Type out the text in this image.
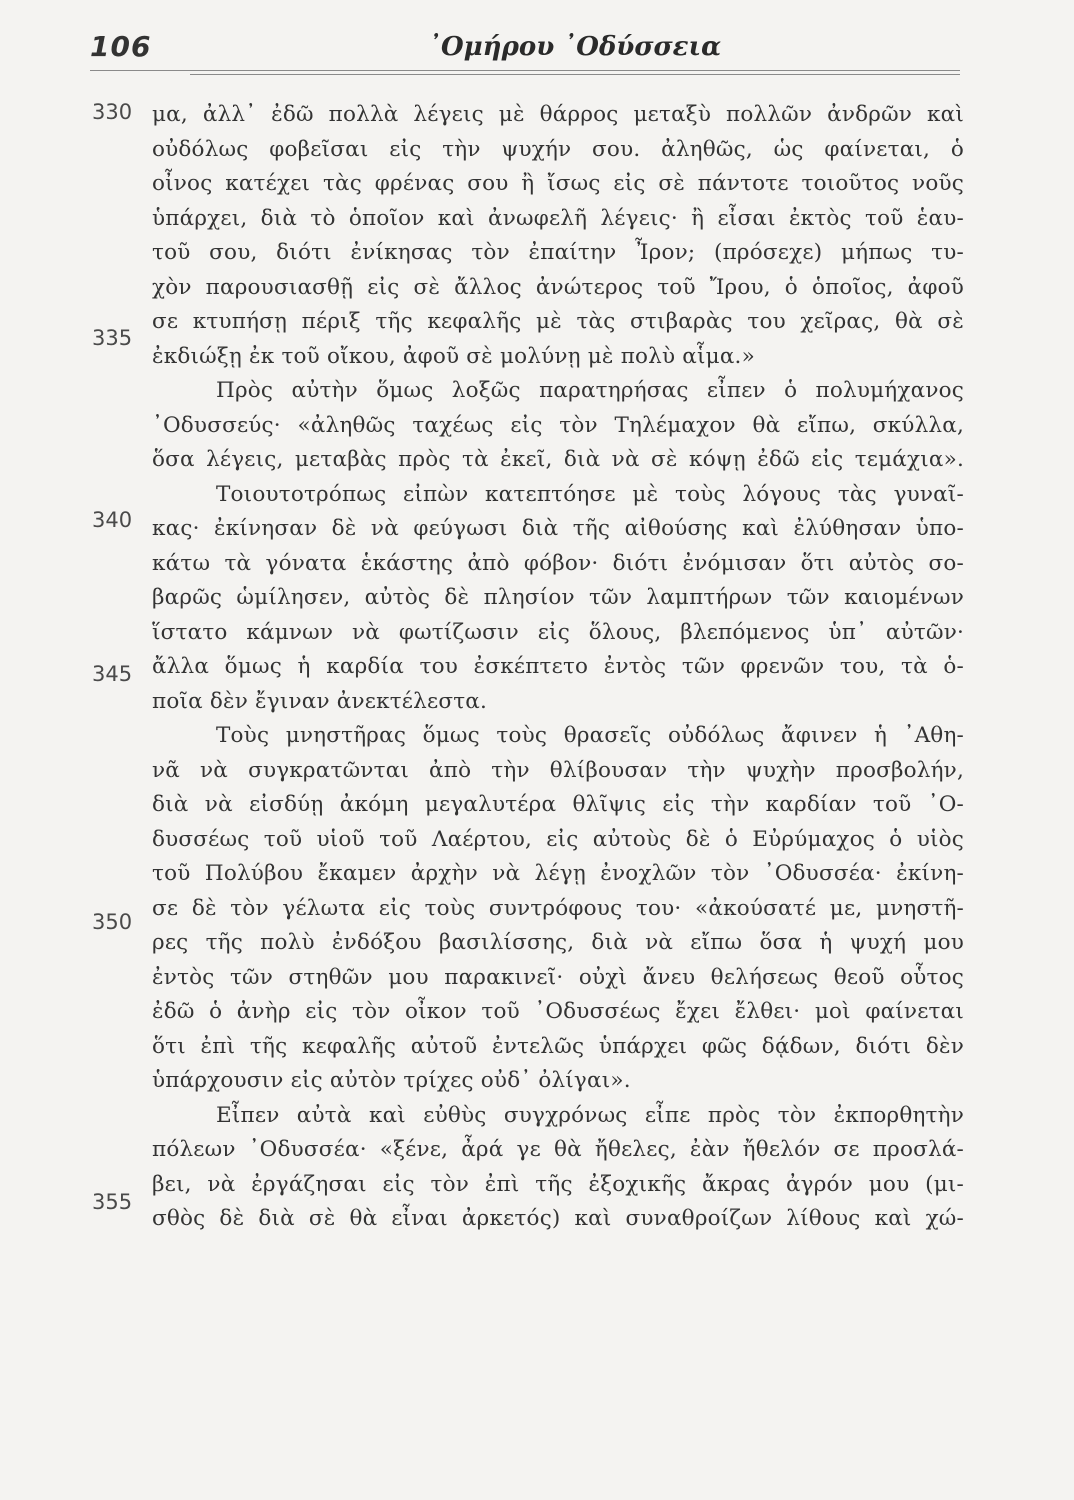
106	᾿Ομήρου ᾿Οδύσσεια
330
335
340
345
350
355
μα, ἀλλ᾿ ἐδῶ πολλὰ λέγεις μὲ θάρρος μεταξὺ πολλῶν ἀνδρῶν καὶ
οὐδόλως φοβεῖσαι εἰς τὴν ψυχήν σου. ἀληθῶς, ὡς φαίνεται, ὁ
οἶνος κατέχει τὰς φρένας σου ἢ ἴσως εἰς σὲ πάντοτε τοιοῦτος νοῦς
ὑπάρχει, διὰ τὸ ὁποῖον καὶ ἀνωφελῆ λέγεις· ἢ εἶσαι ἐκτὸς τοῦ ἑαυ-
τοῦ σου, διότι ἐνίκησας τὸν ἐπαίτην Ἶρον; (πρόσεχε) μήπως τυ-
χὸν παρουσιασθῇ εἰς σὲ ἄλλος ἀνώτερος τοῦ Ἴρου, ὁ ὁποῖος, ἀφοῦ
σε κτυπήσῃ πέριξ τῆς κεφαλῆς μὲ τὰς στιβαρὰς του χεῖρας, θὰ σὲ
ἐκδιώξῃ ἐκ τοῦ οἴκου, ἀφοῦ σὲ μολύνῃ μὲ πολὺ αἷμα.»
Πρὸς αὐτὴν ὅμως λοξῶς παρατηρήσας εἶπεν ὁ πολυμήχανος
᾿Οδυσσεύς· «ἀληθῶς ταχέως εἰς τὸν Τηλέμαχον θὰ εἴπω, σκύλλα,
ὅσα λέγεις, μεταβὰς πρὸς τὰ ἐκεῖ, διὰ νὰ σὲ κόψῃ ἐδῶ εἰς τεμάχια».
Τοιουτοτρόπως εἰπὼν κατεπτόησε μὲ τοὺς λόγους τὰς γυναῖ-
κας· ἐκίνησαν δὲ νὰ φεύγωσι διὰ τῆς αἰθούσης καὶ ἐλύθησαν ὑπο-
κάτω τὰ γόνατα ἑκάστης ἀπὸ φόβον· διότι ἐνόμισαν ὅτι αὐτὸς σο-
βαρῶς ὡμίλησεν, αὐτὸς δὲ πλησίον τῶν λαμπτήρων τῶν καιομένων
ἵστατο κάμνων νὰ φωτίζωσιν εἰς ὅλους, βλεπόμενος ὑπ᾿ αὐτῶν·
ἄλλα ὅμως ἡ καρδία του ἐσκέπτετο ἐντὸς τῶν φρενῶν του, τὰ ὁ-
ποῖα δὲν ἔγιναν ἀνεκτέλεστα.
Τοὺς μνηστῆρας ὅμως τοὺς θρασεῖς οὐδόλως ἄφινεν ἡ ᾿Αθη-
νᾶ νὰ συγκρατῶνται ἀπὸ τὴν θλίβουσαν τὴν ψυχὴν προσβολήν,
διὰ νὰ εἰσδύῃ ἀκόμη μεγαλυτέρα θλῖψις εἰς τὴν καρδίαν τοῦ ᾿Ο-
δυσσέως τοῦ υἱοῦ τοῦ Λαέρτου, εἰς αὐτοὺς δὲ ὁ Εὐρύμαχος ὁ υἱὸς
τοῦ Πολύβου ἔκαμεν ἀρχὴν νὰ λέγῃ ἐνοχλῶν τὸν ᾿Οδυσσέα· ἐκίνη-
σε δὲ τὸν γέλωτα εἰς τοὺς συντρόφους του· «ἀκούσατέ με, μνηστῆ-
ρες τῆς πολὺ ἐνδόξου βασιλίσσης, διὰ νὰ εἴπω ὅσα ἡ ψυχή μου
ἐντὸς τῶν στηθῶν μου παρακινεῖ· οὐχὶ ἄνευ θελήσεως θεοῦ οὗτος
ἐδῶ ὁ ἀνὴρ εἰς τὸν οἶκον τοῦ ᾿Οδυσσέως ἔχει ἔλθει· μοὶ φαίνεται
ὅτι ἐπὶ τῆς κεφαλῆς αὐτοῦ ἐντελῶς ὑπάρχει φῶς δᾴδων, διότι δὲν
ὑπάρχουσιν εἰς αὐτὸν τρίχες οὐδ᾿ ὀλίγαι».
Εἶπεν αὐτὰ καὶ εὐθὺς συγχρόνως εἶπε πρὸς τὸν ἐκπορθητὴν
πόλεων ᾿Οδυσσέα· «ξένε, ἆρά γε θὰ ἤθελες, ἐὰν ἤθελόν σε προσλά-
βει, νὰ ἐργάζησαι εἰς τὸν ἐπὶ τῆς ἐξοχικῆς ἄκρας ἀγρόν μου (μι-
σθὸς δὲ διὰ σὲ θὰ εἶναι ἀρκετός) καὶ συναθροίζων λίθους καὶ χώ-
